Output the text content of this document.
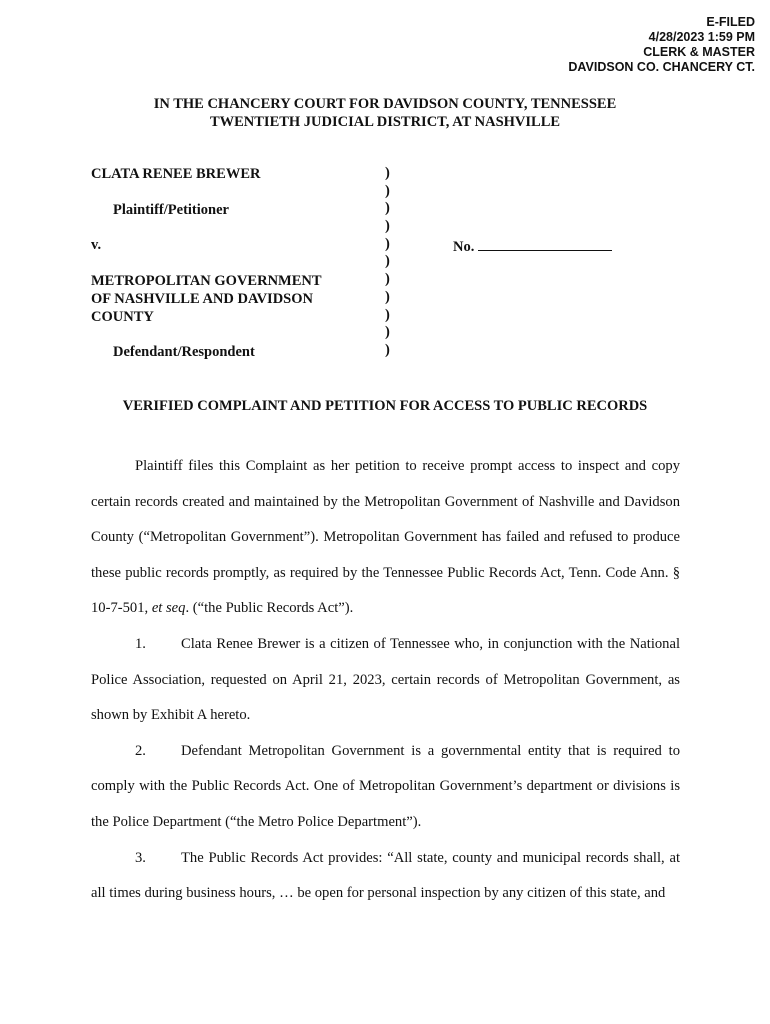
E-FILED
4/28/2023 1:59 PM
CLERK & MASTER
DAVIDSON CO. CHANCERY CT.
IN THE CHANCERY COURT FOR DAVIDSON COUNTY, TENNESSEE
TWENTIETH JUDICIAL DISTRICT, AT NASHVILLE
CLATA RENEE BREWER
Plaintiff/Petitioner
v.
METROPOLITAN GOVERNMENT
OF NASHVILLE AND DAVIDSON
COUNTY
Defendant/Respondent
)
)
)
)
)
)
)
)
)
)
)
No.
VERIFIED COMPLAINT AND PETITION FOR ACCESS TO PUBLIC RECORDS

Plaintiff files this Complaint as her petition to receive prompt access to inspect and copy certain records created and maintained by the Metropolitan Government of Nashville and Davidson County (“Metropolitan Government”). Metropolitan Government has failed and refused to produce these public records promptly, as required by the Tennessee Public Records Act, Tenn. Code Ann. § 10-7-501, et seq. (“the Public Records Act”).

1. Clata Renee Brewer is a citizen of Tennessee who, in conjunction with the National Police Association, requested on April 21, 2023, certain records of Metropolitan Government, as shown by Exhibit A hereto.

2. Defendant Metropolitan Government is a governmental entity that is required to comply with the Public Records Act. One of Metropolitan Government’s department or divisions is the Police Department (“the Metro Police Department”).

3. The Public Records Act provides: “All state, county and municipal records shall, at all times during business hours, … be open for personal inspection by any citizen of this state, and
